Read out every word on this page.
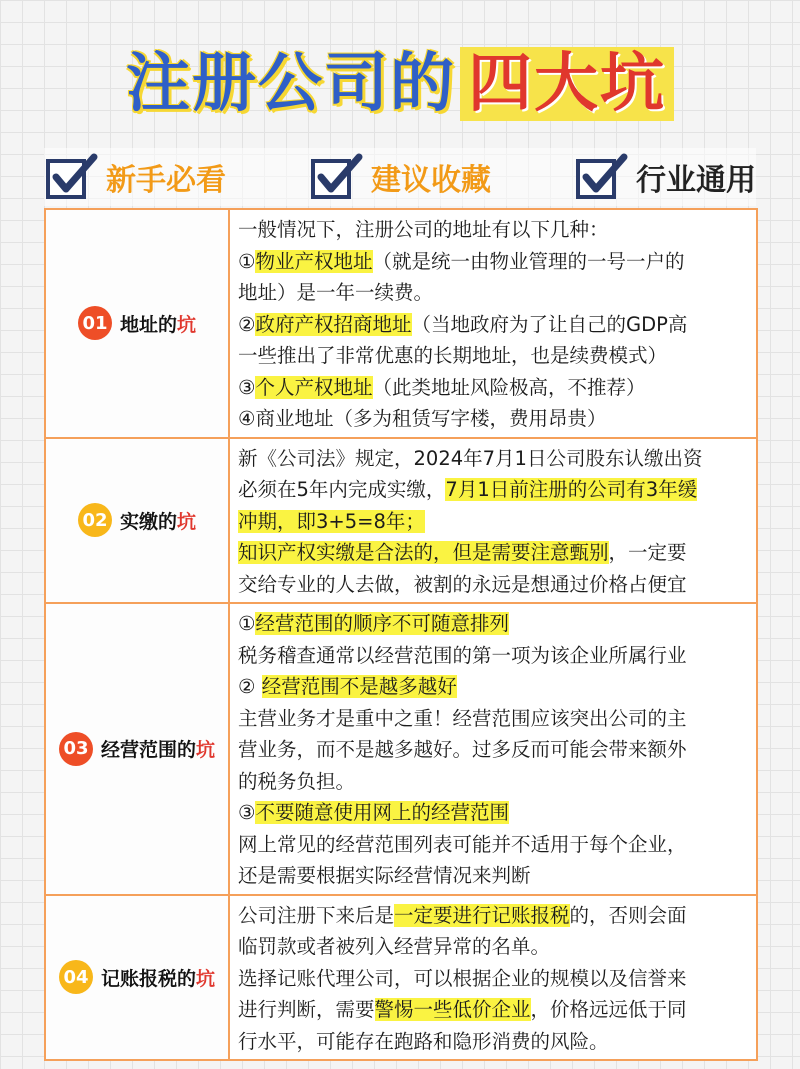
注册公司的 四大坑
新手必看	建议收藏	行业通用
01 地址的坑
一般情况下，注册公司的地址有以下几种：
①物业产权地址（就是统一由物业管理的一号一户的
地址）是一年一续费。
②政府产权招商地址（当地政府为了让自己的GDP高
一些推出了非常优惠的长期地址，也是续费模式）
③个人产权地址（此类地址风险极高，不推荐）
④商业地址（多为租赁写字楼，费用昂贵）
02 实缴的坑
新《公司法》规定，2024年7月1日公司股东认缴出资
必须在5年内完成实缴，7月1日前注册的公司有3年缓
冲期，即3+5=8年；
知识产权实缴是合法的，但是需要注意甄别，一定要
交给专业的人去做，被割的永远是想通过价格占便宜
03 经营范围的坑
①经营范围的顺序不可随意排列
税务稽查通常以经营范围的第一项为该企业所属行业
② 经营范围不是越多越好
主营业务才是重中之重！经营范围应该突出公司的主
营业务，而不是越多越好。过多反而可能会带来额外
的税务负担。
③不要随意使用网上的经营范围
网上常见的经营范围列表可能并不适用于每个企业，
还是需要根据实际经营情况来判断
04 记账报税的坑
公司注册下来后是一定要进行记账报税的，否则会面
临罚款或者被列入经营异常的名单。
选择记账代理公司，可以根据企业的规模以及信誉来
进行判断，需要警惕一些低价企业，价格远远低于同
行水平，可能存在跑路和隐形消费的风险。
